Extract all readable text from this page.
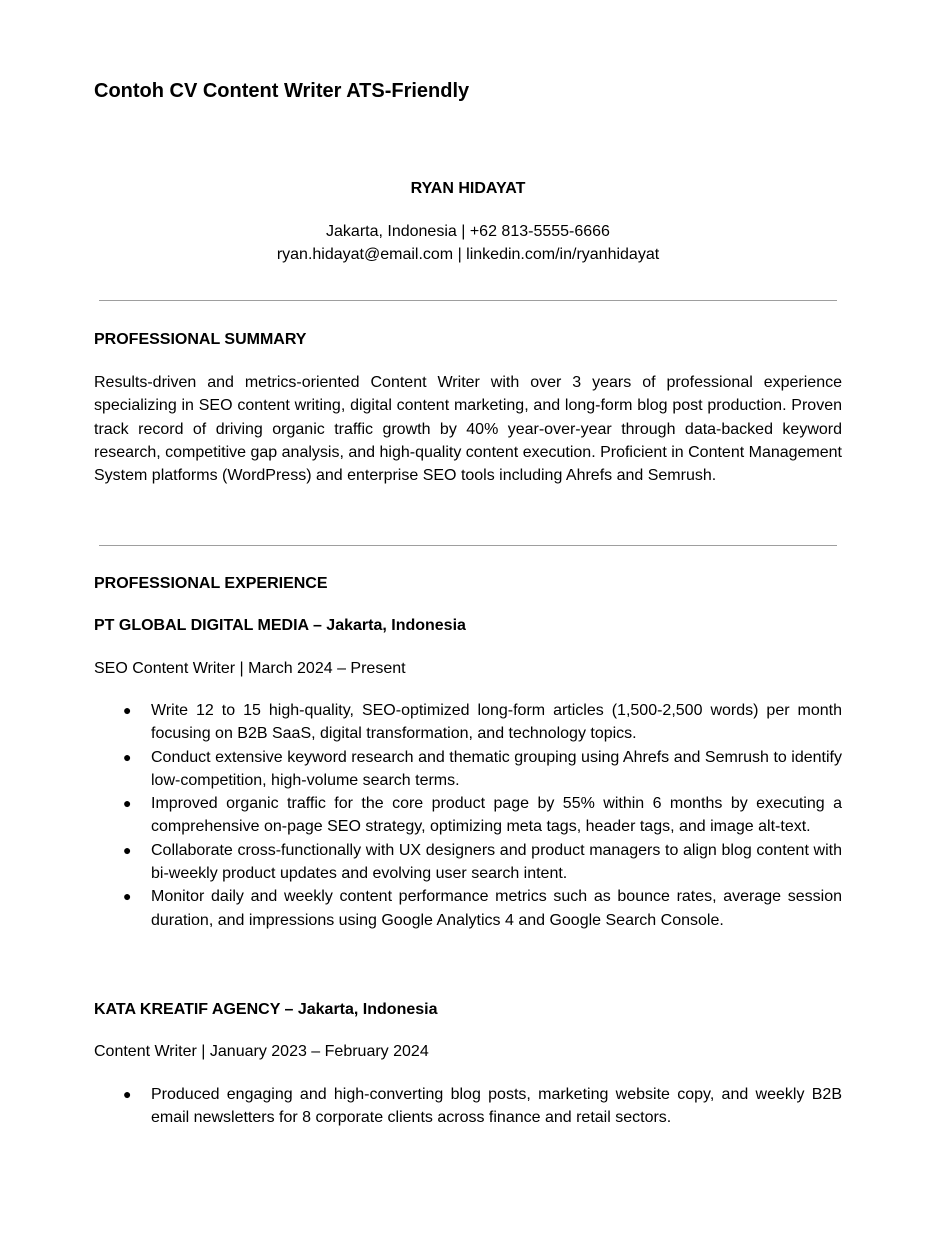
Contoh CV Content Writer ATS-Friendly
RYAN HIDAYAT
Jakarta, Indonesia | +62 813-5555-6666
ryan.hidayat@email.com | linkedin.com/in/ryanhidayat
PROFESSIONAL SUMMARY

Results-driven and metrics-oriented Content Writer with over 3 years of professional experience specializing in SEO content writing, digital content marketing, and long-form blog post production. Proven track record of driving organic traffic growth by 40% year-over-year through data-backed keyword research, competitive gap analysis, and high-quality content execution. Proficient in Content Management System platforms (WordPress) and enterprise SEO tools including Ahrefs and Semrush.

PROFESSIONAL EXPERIENCE
PT GLOBAL DIGITAL MEDIA – Jakarta, Indonesia
SEO Content Writer | March 2024 – Present
● Write 12 to 15 high-quality, SEO-optimized long-form articles (1,500-2,500 words) per month focusing on B2B SaaS, digital transformation, and technology topics.
● Conduct extensive keyword research and thematic grouping using Ahrefs and Semrush to identify low-competition, high-volume search terms.
● Improved organic traffic for the core product page by 55% within 6 months by executing a comprehensive on-page SEO strategy, optimizing meta tags, header tags, and image alt-text.
● Collaborate cross-functionally with UX designers and product managers to align blog content with bi-weekly product updates and evolving user search intent.
● Monitor daily and weekly content performance metrics such as bounce rates, average session duration, and impressions using Google Analytics 4 and Google Search Console.
KATA KREATIF AGENCY – Jakarta, Indonesia
Content Writer | January 2023 – February 2024
● Produced engaging and high-converting blog posts, marketing website copy, and weekly B2B email newsletters for 8 corporate clients across finance and retail sectors.
